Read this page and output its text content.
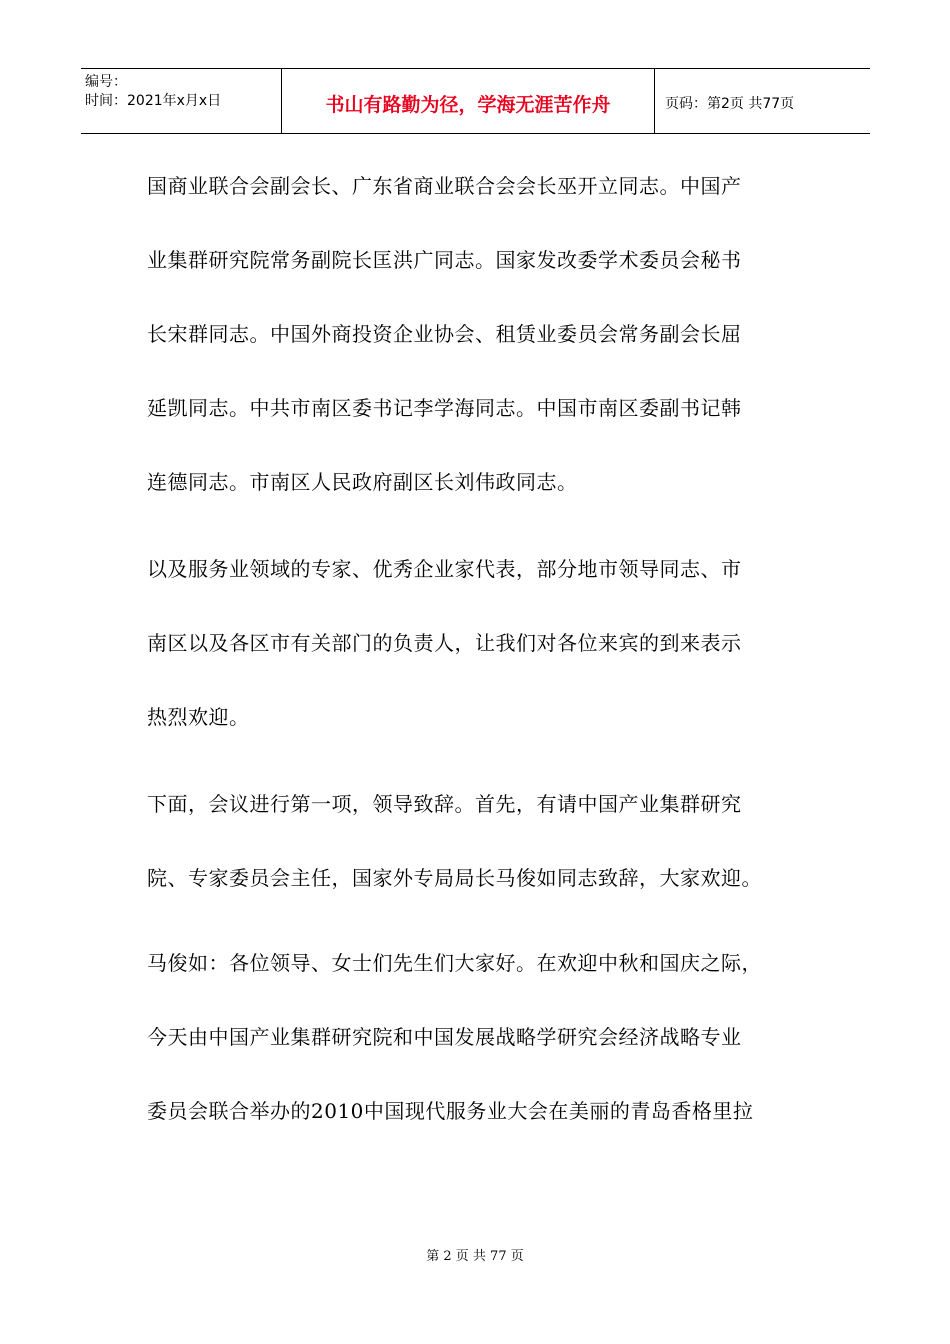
编号：
时间：2021年x月x日	书山有路勤为径，学海无涯苦作舟	页码：第2页 共77页
国商业联合会副会长、广东省商业联合会会长巫开立同志。中国产
业集群研究院常务副院长匡洪广同志。国家发改委学术委员会秘书
长宋群同志。中国外商投资企业协会、租赁业委员会常务副会长屈
延凯同志。中共市南区委书记李学海同志。中国市南区委副书记韩
连德同志。市南区人民政府副区长刘伟政同志。
以及服务业领域的专家、优秀企业家代表，部分地市领导同志、市
南区以及各区市有关部门的负责人，让我们对各位来宾的到来表示
热烈欢迎。
下面，会议进行第一项，领导致辞。首先，有请中国产业集群研究
院、专家委员会主任，国家外专局局长马俊如同志致辞，大家欢迎。
马俊如：各位领导、女士们先生们大家好。在欢迎中秋和国庆之际，
今天由中国产业集群研究院和中国发展战略学研究会经济战略专业
委员会联合举办的2010中国现代服务业大会在美丽的青岛香格里拉
第 2 页 共 77 页
